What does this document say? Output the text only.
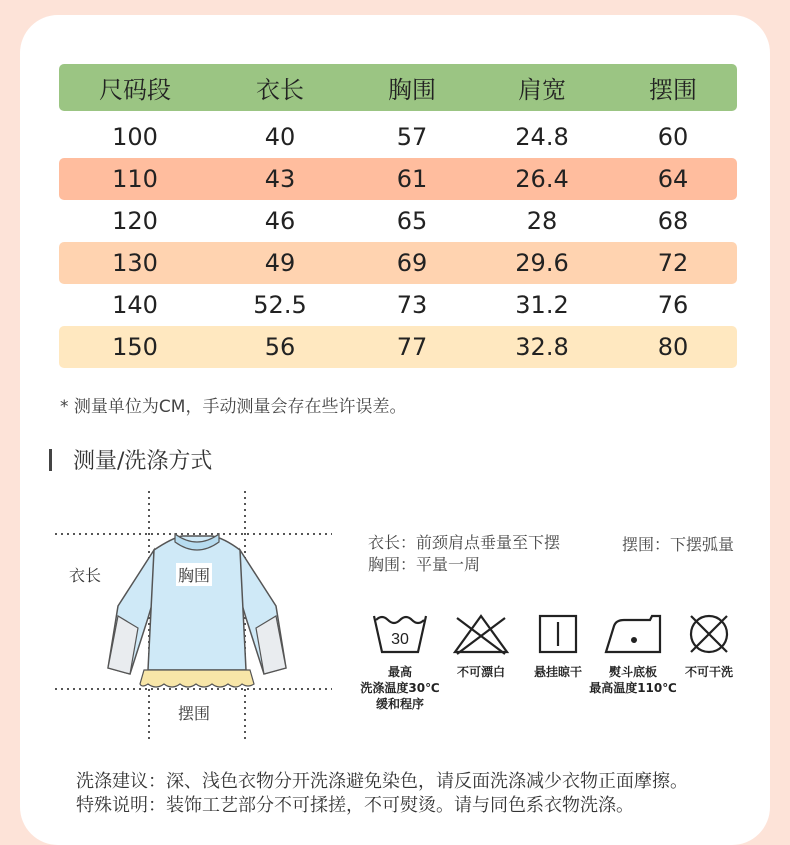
尺码段	衣长	胸围	肩宽	摆围
100	40	57	24.8	60
110	43	61	26.4	64
120	46	65	28	68
130	49	69	29.6	72
140	52.5	73	31.2	76
150	56	77	32.8	80
* 测量单位为CM，手动测量会存在些许误差。
测量/洗涤方式
衣长	胸围
摆围
衣长：前颈肩点垂量至下摆
胸围：平量一周
摆围：下摆弧量
30
最高
洗涤温度30℃
缓和程序
不可漂白	悬挂晾干	熨斗底板
最高温度110℃
不可干洗
洗涤建议：深、浅色衣物分开洗涤避免染色，请反面洗涤减少衣物正面摩擦。
特殊说明：装饰工艺部分不可揉搓，不可熨烫。请与同色系衣物洗涤。
